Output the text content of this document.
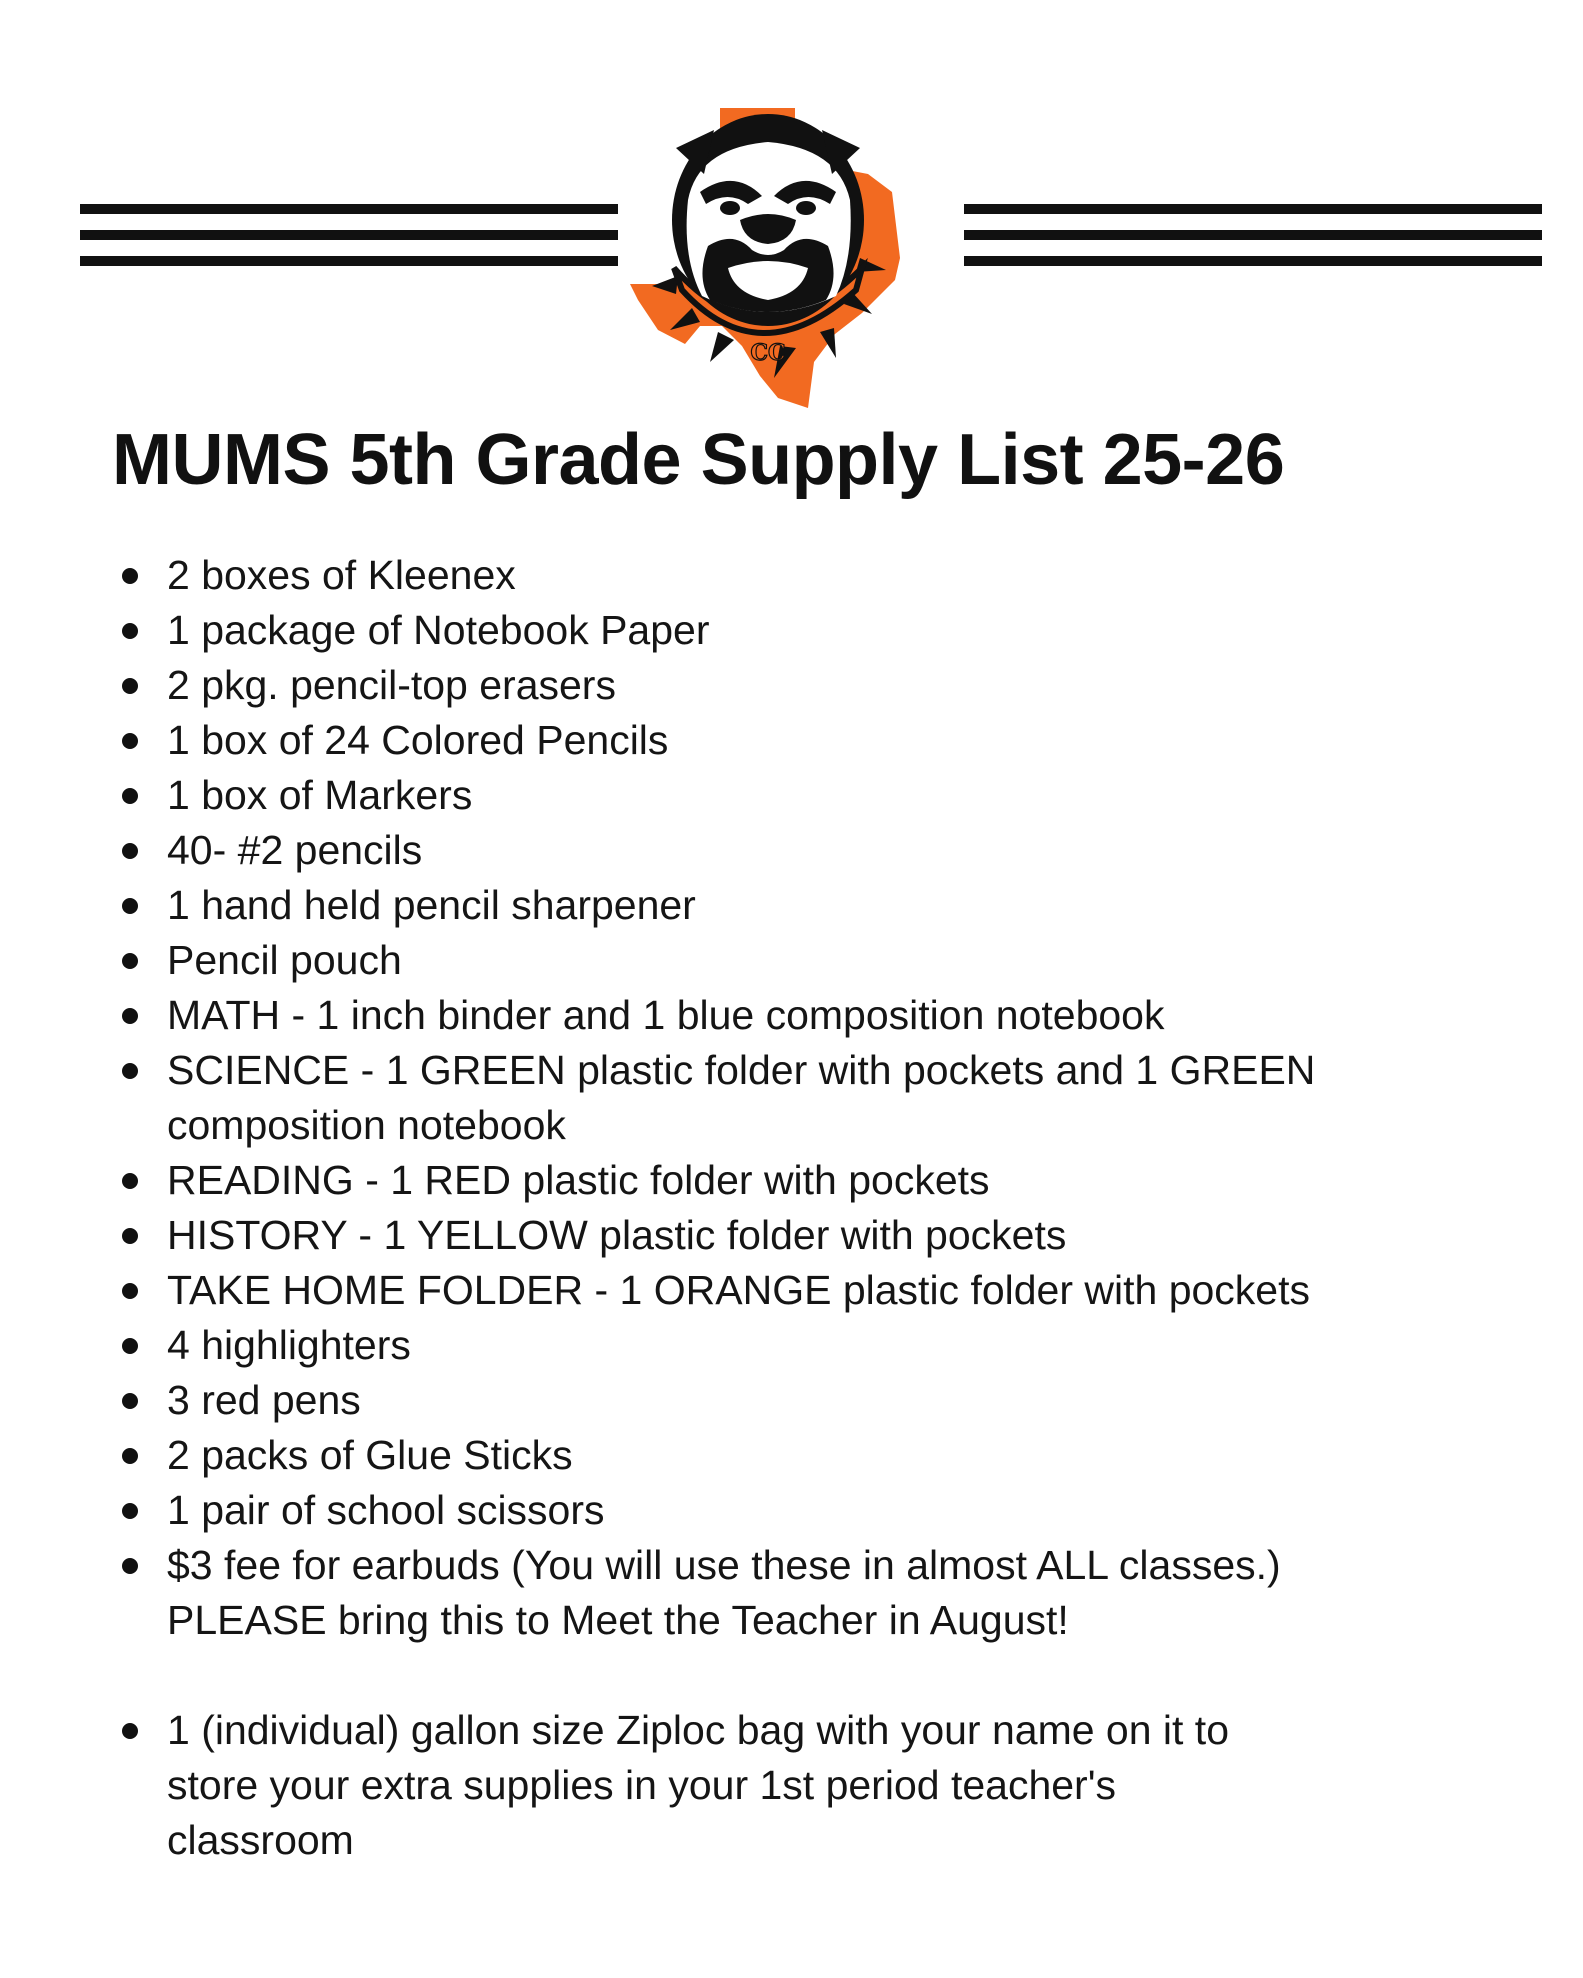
CC
MUMS 5th Grade Supply List 25-26
2 boxes of Kleenex
1 package of Notebook Paper
2 pkg. pencil-top erasers
1 box of 24 Colored Pencils
1 box of Markers
40- #2 pencils
1 hand held pencil sharpener
Pencil pouch
MATH - 1 inch binder and 1 blue composition notebook
SCIENCE - 1 GREEN plastic folder with pockets and 1 GREEN
composition notebook
READING - 1 RED plastic folder with pockets
HISTORY - 1 YELLOW plastic folder with pockets
TAKE HOME FOLDER - 1 ORANGE plastic folder with pockets
4 highlighters
3 red pens
2 packs of Glue Sticks
1 pair of school scissors
$3 fee for earbuds (You will use these in almost ALL classes.)
PLEASE bring this to Meet the Teacher in August!
1 (individual) gallon size Ziploc bag with your name on it to
store your extra supplies in your 1st period teacher's
classroom
